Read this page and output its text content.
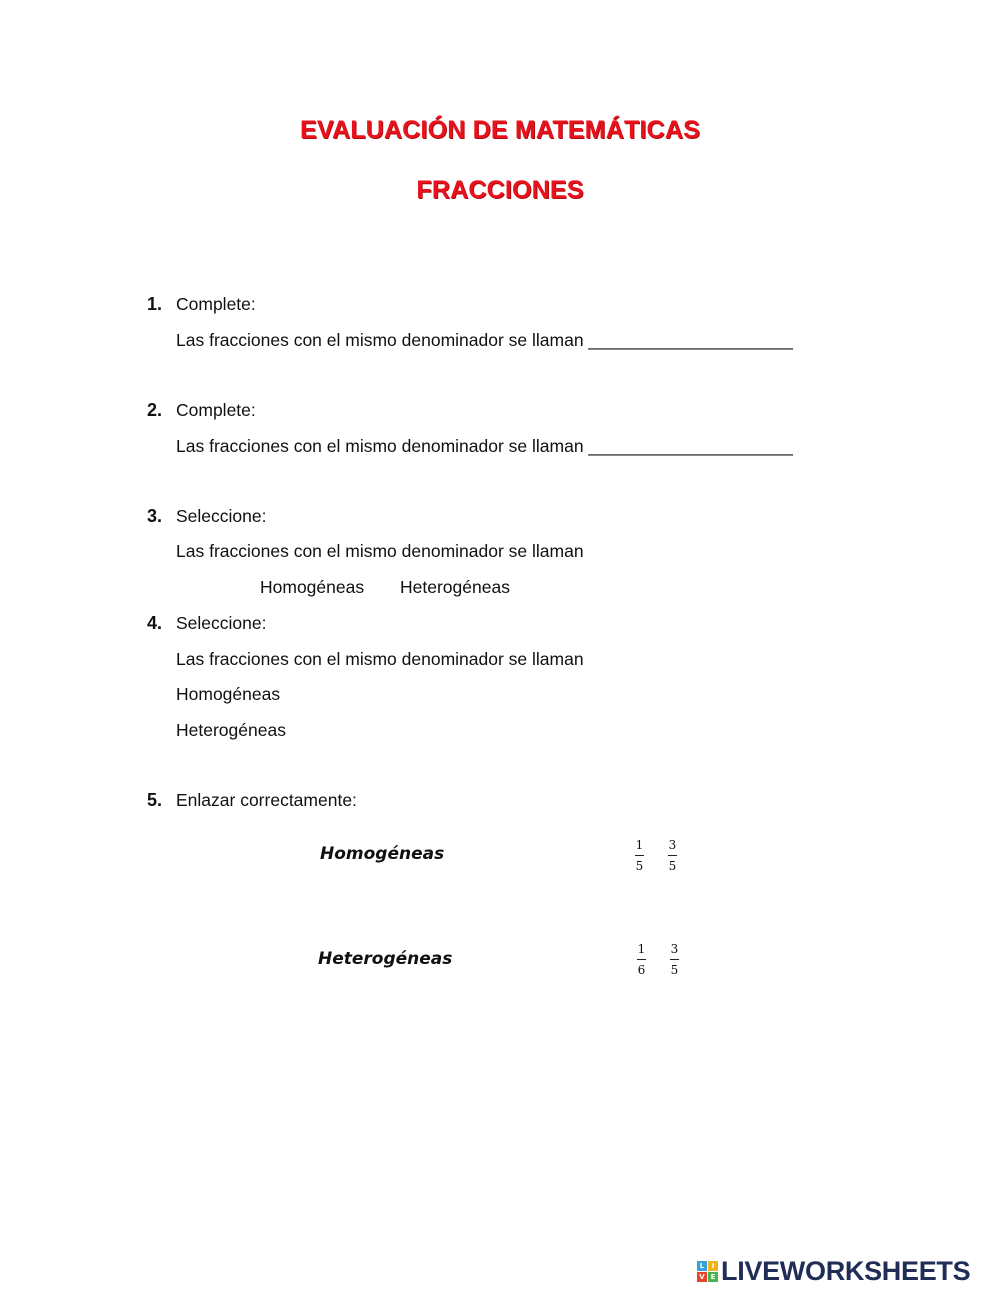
EVALUACIÓN DE MATEMÁTICAS
FRACCIONES
1. Complete:
Las fracciones con el mismo denominador se llaman _____________________
2. Complete:
Las fracciones con el mismo denominador se llaman _____________________
3. Seleccione:
Las fracciones con el mismo denominador se llaman
Homogéneas Heterogéneas
4. Seleccione:
Las fracciones con el mismo denominador se llaman
Homogéneas
Heterogéneas
5. Enlazar correctamente:
Homogéneas
Heterogéneas
1
5
3
5
1
6
3
5
L	I
V E LIVEWORKSHEETS
